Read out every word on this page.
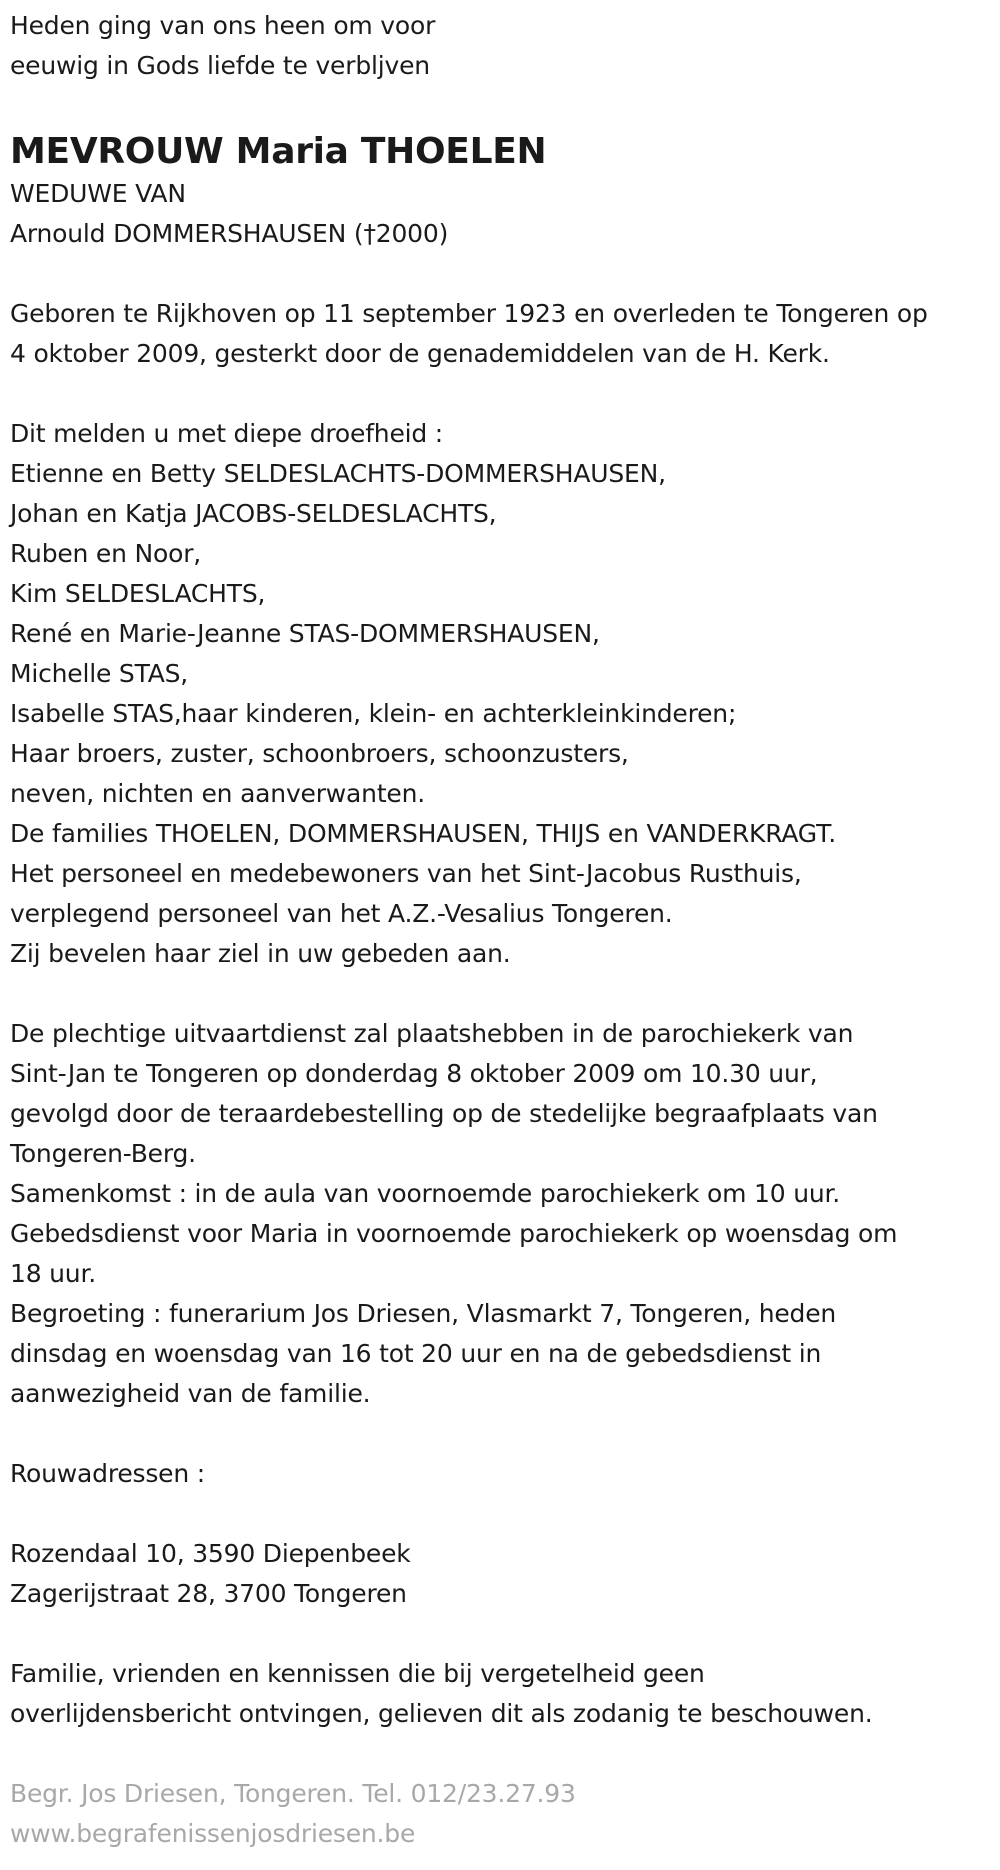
Heden ging van ons heen om voor
eeuwig in Gods liefde te verbljven
MEVROUW Maria THOELEN
WEDUWE VAN
Arnould DOMMERSHAUSEN (†2000)
Geboren te Rijkhoven op 11 september 1923 en overleden te Tongeren op
4 oktober 2009, gesterkt door de genademiddelen van de H. Kerk.
Dit melden u met diepe droefheid :
Etienne en Betty SELDESLACHTS-DOMMERSHAUSEN,
Johan en Katja JACOBS-SELDESLACHTS,
Ruben en Noor,
Kim SELDESLACHTS,
René en Marie-Jeanne STAS-DOMMERSHAUSEN,
Michelle STAS,
Isabelle STAS,haar kinderen, klein- en achterkleinkinderen;
Haar broers, zuster, schoonbroers, schoonzusters,
neven, nichten en aanverwanten.
De families THOELEN, DOMMERSHAUSEN, THIJS en VANDERKRAGT.
Het personeel en medebewoners van het Sint-Jacobus Rusthuis,
verplegend personeel van het A.Z.-Vesalius Tongeren.
Zij bevelen haar ziel in uw gebeden aan.
De plechtige uitvaartdienst zal plaatshebben in de parochiekerk van
Sint-Jan te Tongeren op donderdag 8 oktober 2009 om 10.30 uur,
gevolgd door de teraardebestelling op de stedelijke begraafplaats van
Tongeren-Berg.
Samenkomst : in de aula van voornoemde parochiekerk om 10 uur.
Gebedsdienst voor Maria in voornoemde parochiekerk op woensdag om
18 uur.
Begroeting : funerarium Jos Driesen, Vlasmarkt 7, Tongeren, heden
dinsdag en woensdag van 16 tot 20 uur en na de gebedsdienst in
aanwezigheid van de familie.
Rouwadressen :
Rozendaal 10, 3590 Diepenbeek
Zagerijstraat 28, 3700 Tongeren
Familie, vrienden en kennissen die bij vergetelheid geen
overlijdensbericht ontvingen, gelieven dit als zodanig te beschouwen.
Begr. Jos Driesen, Tongeren. Tel. 012/23.27.93
www.begrafenissenjosdriesen.be
